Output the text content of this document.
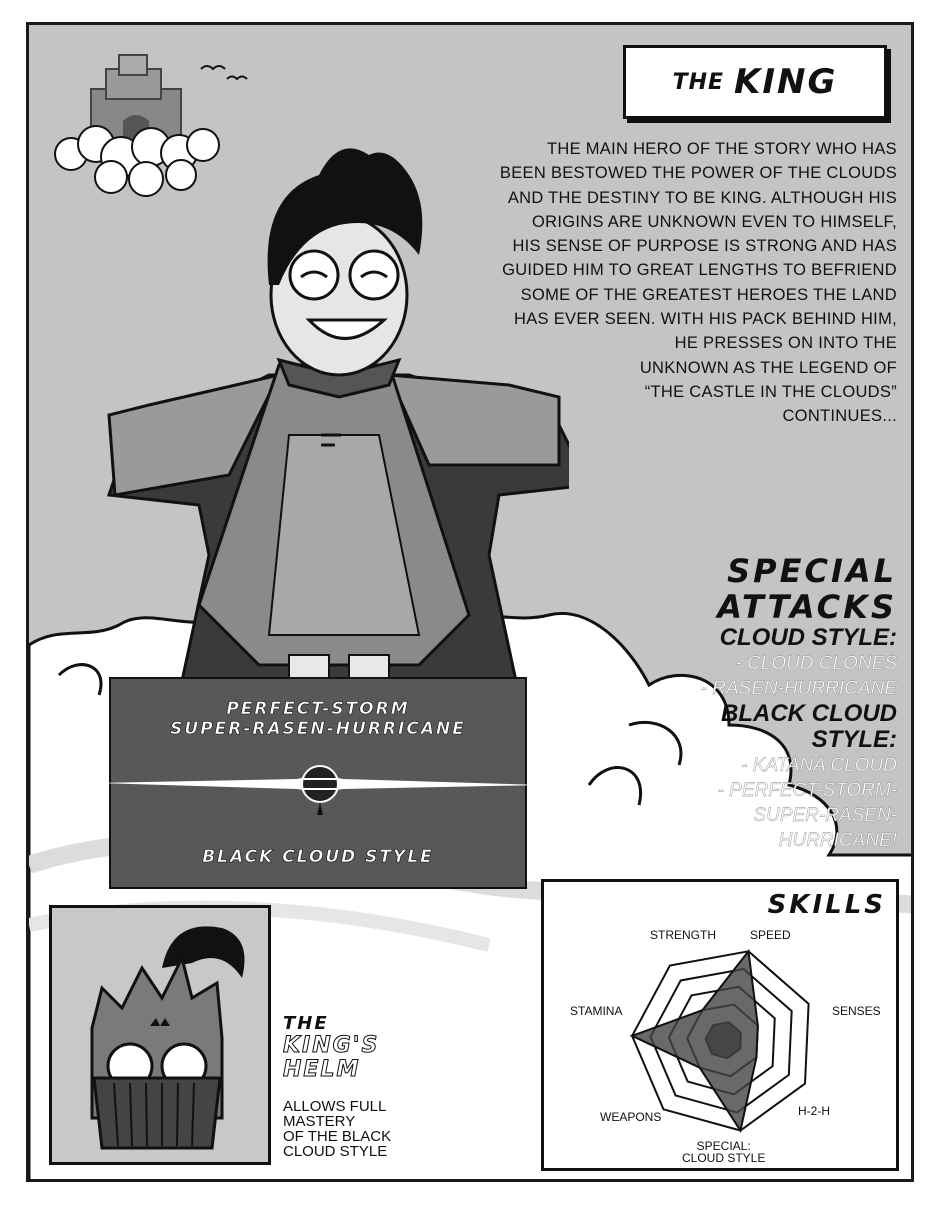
THE KING

THE MAIN HERO OF THE STORY WHO HAS

BEEN BESTOWED THE POWER OF THE CLOUDS

AND THE DESTINY TO BE KING. ALTHOUGH HIS

ORIGINS ARE UNKNOWN EVEN TO HIMSELF,

HIS SENSE OF PURPOSE IS STRONG AND HAS

GUIDED HIM TO GREAT LENGTHS TO BEFRIEND

SOME OF THE GREATEST HEROES THE LAND

HAS EVER SEEN. WITH HIS PACK BEHIND HIM,

HE PRESSES ON INTO THE

UNKNOWN AS THE LEGEND OF

“THE CASTLE IN THE CLOUDS”

CONTINUES...

SPECIAL
ATTACKS
CLOUD STYLE:
- CLOUD CLONES
- RASEN-HURRICANE
BLACK CLOUD
STYLE:
- KATANA CLOUD
- PERFECT-STORM-
SUPER-RASEN-
HURRICANE!
PERFECT-STORM
SUPER-RASEN-HURRICANE
BLACK CLOUD STYLE
THE
KING'S
HELM
ALLOWS FULL
MASTERY
OF THE BLACK
CLOUD STYLE
SKILLS
STRENGTH	SPEED
SENSES
H-2-H
SPECIAL:
CLOUD STYLE
WEAPONS
STAMINA
